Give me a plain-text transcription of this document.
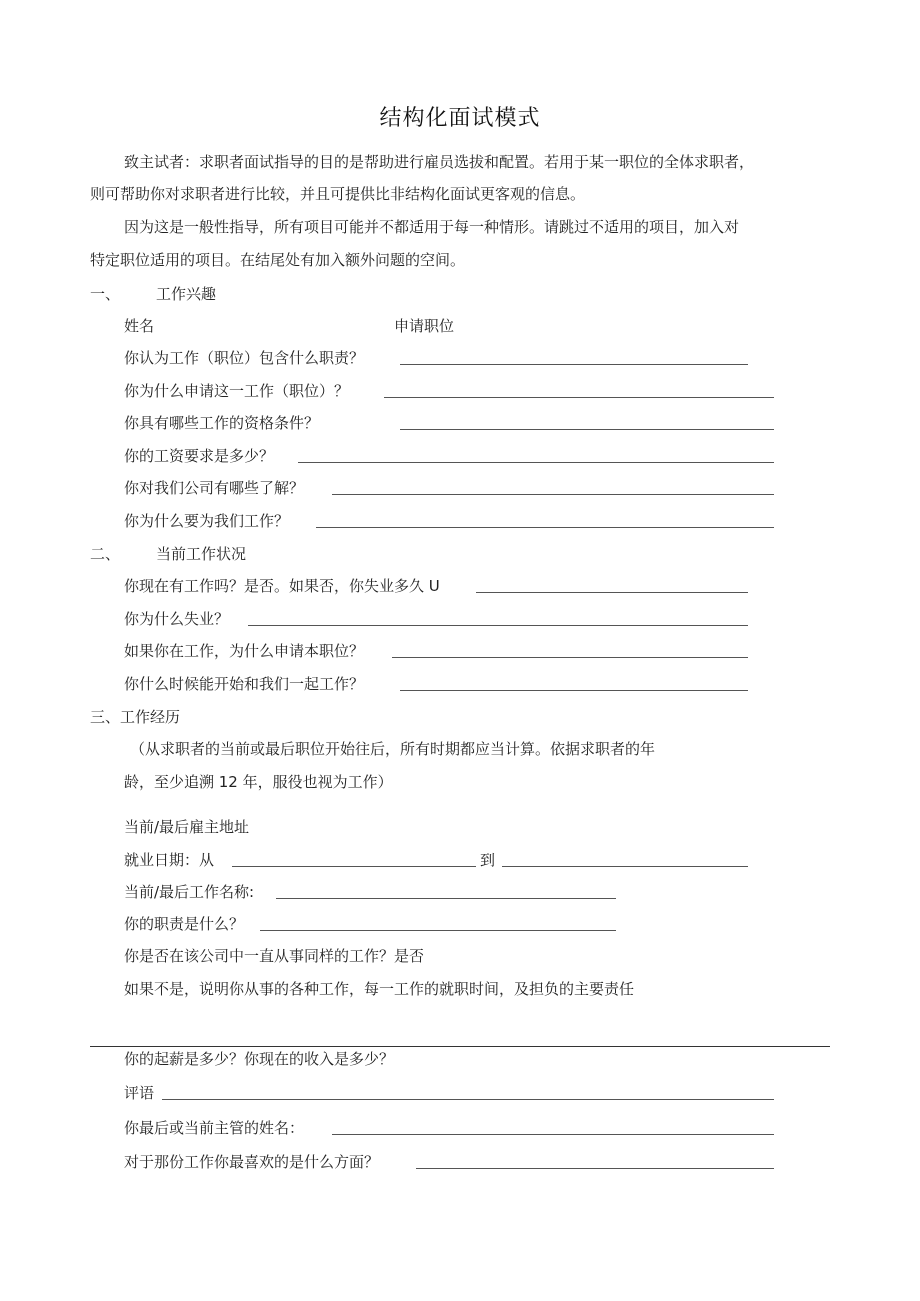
结构化面试模式
致主试者：求职者面试指导的目的是帮助进行雇员选拔和配置。若用于某一职位的全体求职者，
则可帮助你对求职者进行比较，并且可提供比非结构化面试更客观的信息。
因为这是一般性指导，所有项目可能并不都适用于每一种情形。请跳过不适用的项目，加入对
特定职位适用的项目。在结尾处有加入额外问题的空间。
一、 工作兴趣
姓名	申请职位
你认为工作（职位）包含什么职责？
你为什么申请这一工作（职位）？
你具有哪些工作的资格条件？
你的工资要求是多少？
你对我们公司有哪些了解？
你为什么要为我们工作？
二、 当前工作状况
你现在有工作吗？是否。如果否，你失业多久 U
你为什么失业？
如果你在工作，为什么申请本职位？
你什么时候能开始和我们一起工作？
三、工作经历
（从求职者的当前或最后职位开始往后，所有时期都应当计算。依据求职者的年
龄，至少追溯 12 年，服役也视为工作）
当前/最后雇主地址
就业日期：从	到
当前/最后工作名称:
你的职责是什么？
你是否在该公司中一直从事同样的工作？是否
如果不是，说明你从事的各种工作，每一工作的就职时间，及担负的主要责任
你的起薪是多少？你现在的收入是多少？
评语
你最后或当前主管的姓名：
对于那份工作你最喜欢的是什么方面？
